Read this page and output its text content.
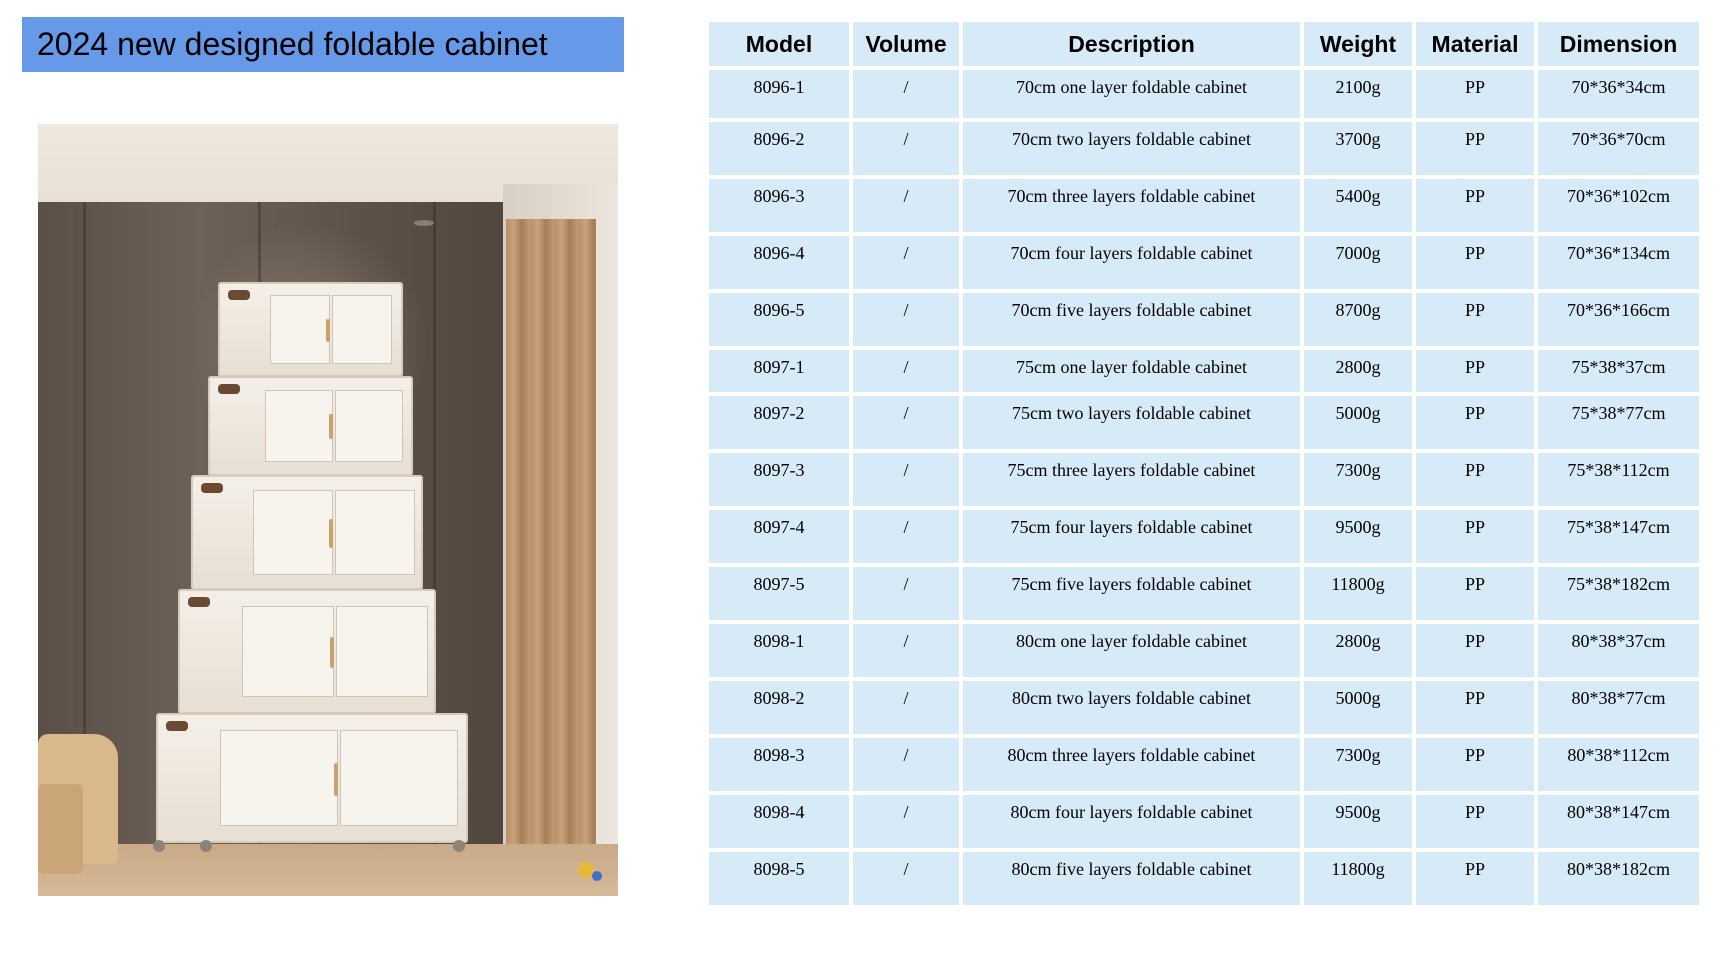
2024 new designed foldable cabinet	Model	Volume	Description	Weight	Material	Dimension
8096-1	/	70cm one layer foldable cabinet	2100g	PP	70*36*34cm
8096-2	/	70cm two layers foldable cabinet	3700g	PP	70*36*70cm
8096-3	/	70cm three layers foldable cabinet	5400g	PP	70*36*102cm
8096-4	/	70cm four layers foldable cabinet	7000g	PP	70*36*134cm
8096-5	/	70cm five layers foldable cabinet	8700g	PP	70*36*166cm
8097-1	/	75cm one layer foldable cabinet	2800g	PP	75*38*37cm
8097-2	/	75cm two layers foldable cabinet	5000g	PP	75*38*77cm
8097-3	/	75cm three layers foldable cabinet	7300g	PP	75*38*112cm
8097-4	/	75cm four layers foldable cabinet	9500g	PP	75*38*147cm
8097-5	/	75cm five layers foldable cabinet	11800g	PP	75*38*182cm
8098-1	/	80cm one layer foldable cabinet	2800g	PP	80*38*37cm
8098-2	/	80cm two layers foldable cabinet	5000g	PP	80*38*77cm
8098-3	/	80cm three layers foldable cabinet	7300g	PP	80*38*112cm
8098-4	/	80cm four layers foldable cabinet	9500g	PP	80*38*147cm
8098-5	/	80cm five layers foldable cabinet	11800g	PP	80*38*182cm
